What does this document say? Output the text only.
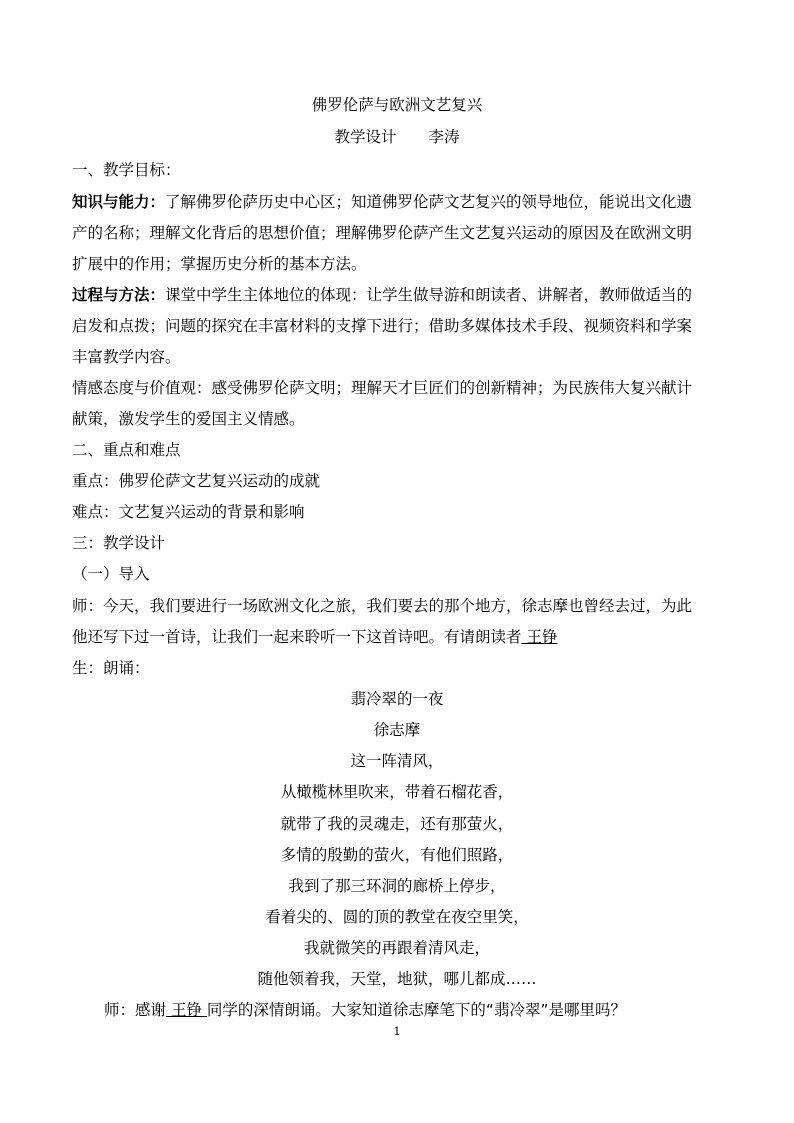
佛罗伦萨与欧洲文艺复兴
教学设计 李涛
一、教学目标：
知识与能力：了解佛罗伦萨历史中心区；知道佛罗伦萨文艺复兴的领导地位，能说出文化遗
产的名称；理解文化背后的思想价值；理解佛罗伦萨产生文艺复兴运动的原因及在欧洲文明
扩展中的作用；掌握历史分析的基本方法。
过程与方法：课堂中学生主体地位的体现：让学生做导游和朗读者、讲解者，教师做适当的
启发和点拨；问题的探究在丰富材料的支撑下进行；借助多媒体技术手段、视频资料和学案
丰富教学内容。
情感态度与价值观：感受佛罗伦萨文明；理解天才巨匠们的创新精神；为民族伟大复兴献计
献策，激发学生的爱国主义情感。
二、重点和难点
重点：佛罗伦萨文艺复兴运动的成就
难点：文艺复兴运动的背景和影响
三：教学设计
（一）导入
师：今天，我们要进行一场欧洲文化之旅，我们要去的那个地方，徐志摩也曾经去过，为此
他还写下过一首诗，让我们一起来聆听一下这首诗吧。有请朗读者 王铮
生：朗诵：
翡冷翠的一夜
徐志摩
这一阵清风，
从橄榄林里吹来，带着石榴花香，
就带了我的灵魂走，还有那萤火，
多情的殷勤的萤火，有他们照路，
我到了那三环洞的廊桥上停步，
看着尖的、圆的顶的教堂在夜空里笑，
我就微笑的再跟着清风走，
随他领着我，天堂，地狱，哪儿都成……
师：感谢 王铮 同学的深情朗诵。大家知道徐志摩笔下的“翡冷翠”是哪里吗？
1
